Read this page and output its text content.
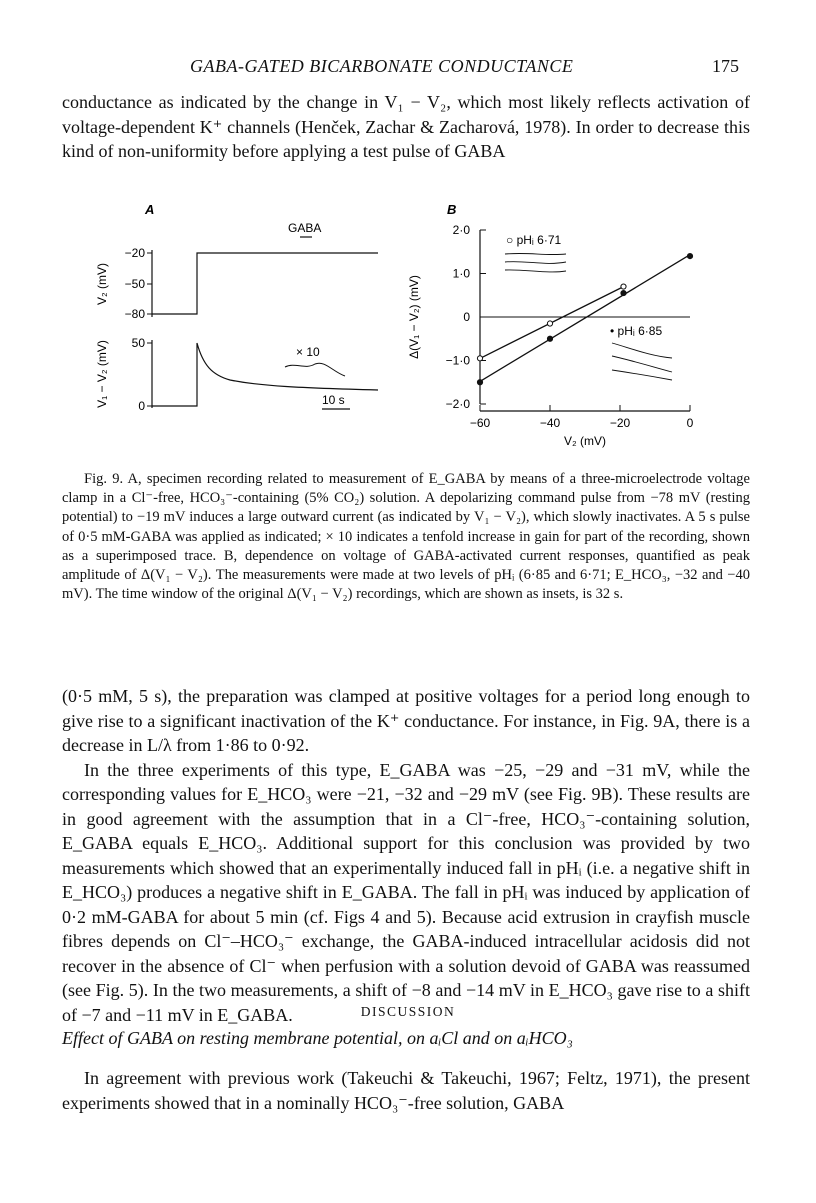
GABA-GATED BICARBONATE CONDUCTANCE	175

conductance as indicated by the change in V₁ − V₂, which most likely reflects activation of voltage-dependent K⁺ channels (Henček, Zachar & Zacharová, 1978). In order to decrease this kind of non-uniformity before applying a test pulse of GABA

A
GABA
−20
−50
−80
V₂ (mV)
50
0
V₁ − V₂ (mV)	× 10
10 s
B
Δ(V₁ − V₂) (mV)
V₂ (mV)
○ pHᵢ 6·71
• pHᵢ 6·85
−60	−40	−20	0
2·0
1·0
0
−1·0
−2·0

Fig. 9. A, specimen recording related to measurement of E_GABA by means of a three-microelectrode voltage clamp in a Cl⁻-free, HCO₃⁻-containing (5% CO₂) solution. A depolarizing command pulse from −78 mV (resting potential) to −19 mV induces a large outward current (as indicated by V₁ − V₂), which slowly inactivates. A 5 s pulse of 0·5 mM-GABA was applied as indicated; × 10 indicates a tenfold increase in gain for part of the recording, shown as a superimposed trace. B, dependence on voltage of GABA-activated current responses, quantified as peak amplitude of Δ(V₁ − V₂). The measurements were made at two levels of pHᵢ (6·85 and 6·71; E_HCO₃, −32 and −40 mV). The time window of the original Δ(V₁ − V₂) recordings, which are shown as insets, is 32 s.

(0·5 mM, 5 s), the preparation was clamped at positive voltages for a period long enough to give rise to a significant inactivation of the K⁺ conductance. For instance, in Fig. 9A, there is a decrease in L/λ from 1·86 to 0·92.

In the three experiments of this type, E_GABA was −25, −29 and −31 mV, while the corresponding values for E_HCO₃ were −21, −32 and −29 mV (see Fig. 9B). These results are in good agreement with the assumption that in a Cl⁻-free, HCO₃⁻-containing solution, E_GABA equals E_HCO₃. Additional support for this conclusion was provided by two measurements which showed that an experimentally induced fall in pHᵢ (i.e. a negative shift in E_HCO₃) produces a negative shift in E_GABA. The fall in pHᵢ was induced by application of 0·2 mM-GABA for about 5 min (cf. Figs 4 and 5). Because acid extrusion in crayfish muscle fibres depends on Cl⁻–HCO₃⁻ exchange, the GABA-induced intracellular acidosis did not recover in the absence of Cl⁻ when perfusion with a solution devoid of GABA was reassumed (see Fig. 5). In the two measurements, a shift of −8 and −14 mV in E_HCO₃ gave rise to a shift of −7 and −11 mV in E_GABA.	DISCUSSION
Effect of GABA on resting membrane potential, on aᵢCl and on aᵢHCO₃

In agreement with previous work (Takeuchi & Takeuchi, 1967; Feltz, 1971), the present experiments showed that in a nominally HCO₃⁻-free solution, GABA
